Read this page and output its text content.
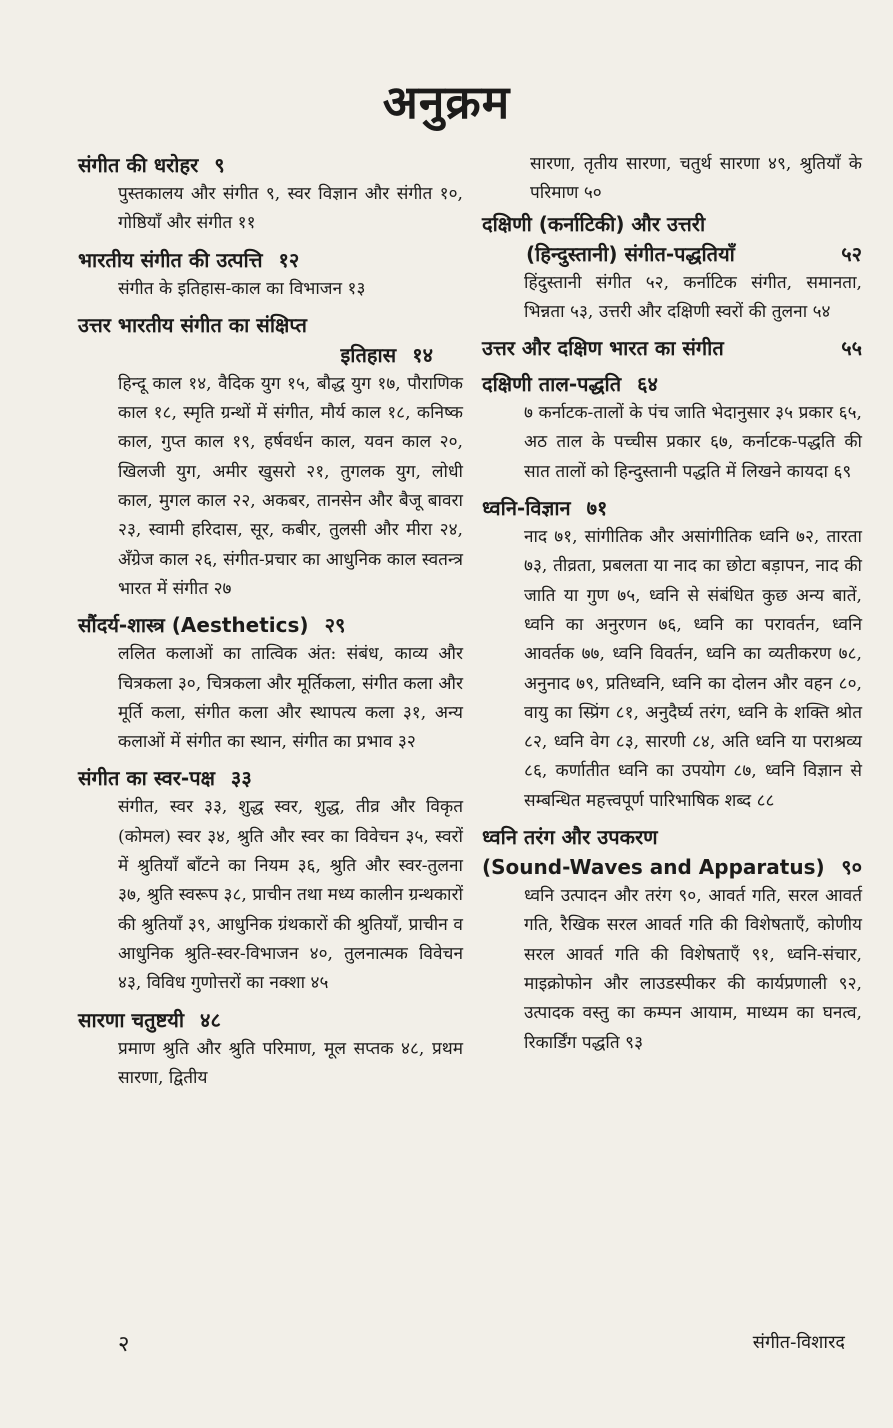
अनुक्रम
संगीत की धरोहर ९
पुस्तकालय और संगीत ९, स्वर विज्ञान और संगीत १०, गोष्ठियाँ और संगीत ११
भारतीय संगीत की उत्पत्ति १२
संगीत के इतिहास-काल का विभाजन १३
उत्तर भारतीय संगीत का संक्षिप्त
इतिहास १४
हिन्दू काल १४, वैदिक युग १५, बौद्ध युग १७, पौराणिक काल १८, स्मृति ग्रन्थों में संगीत, मौर्य काल १८, कनिष्क काल, गुप्त काल १९, हर्षवर्धन काल, यवन काल २०, खिलजी युग, अमीर खुसरो २१, तुगलक युग, लोधी काल, मुगल काल २२, अकबर, तानसेन और बैजू बावरा २३, स्वामी हरिदास, सूर, कबीर, तुलसी और मीरा २४, अँग्रेज काल २६, संगीत-प्रचार का आधुनिक काल स्वतन्त्र भारत में संगीत २७
सौंदर्य-शास्त्र (Aesthetics) २९
ललित कलाओं का तात्विक अंत: संबंध, काव्य और चित्रकला ३०, चित्रकला और मूर्तिकला, संगीत कला और मूर्ति कला, संगीत कला और स्थापत्य कला ३१, अन्य कलाओं में संगीत का स्थान, संगीत का प्रभाव ३२
संगीत का स्वर-पक्ष ३३
संगीत, स्वर ३३, शुद्ध स्वर, शुद्ध, तीव्र और विकृत (कोमल) स्वर ३४, श्रुति और स्वर का विवेचन ३५, स्वरों में श्रुतियाँ बाँटने का नियम ३६, श्रुति और स्वर-तुलना ३७, श्रुति स्वरूप ३८, प्राचीन तथा मध्य कालीन ग्रन्थकारों की श्रुतियाँ ३९, आधुनिक ग्रंथकारों की श्रुतियाँ, प्राचीन व आधुनिक श्रुति-स्वर-विभाजन ४०, तुलनात्मक विवेचन ४३, विविध गुणोत्तरों का नक्शा ४५
सारणा चतुष्टयी ४८
प्रमाण श्रुति और श्रुति परिमाण, मूल सप्तक ४८, प्रथम सारणा, द्वितीय
सारणा, तृतीय सारणा, चतुर्थ सारणा ४९, श्रुतियाँ के परिमाण ५०
दक्षिणी (कर्नाटिकी) और उत्तरी
(हिन्दुस्तानी) संगीत-पद्धतियाँ	५२
हिंदुस्तानी संगीत ५२, कर्नाटिक संगीत, समानता, भिन्नता ५३, उत्तरी और दक्षिणी स्वरों की तुलना ५४
उत्तर और दक्षिण भारत का संगीत	५५
दक्षिणी ताल-पद्धति ६४
७ कर्नाटक-तालों के पंच जाति भेदानुसार ३५ प्रकार ६५, अठ ताल के पच्चीस प्रकार ६७, कर्नाटक-पद्धति की सात तालों को हिन्दुस्तानी पद्धति में लिखने कायदा ६९
ध्वनि-विज्ञान ७१
नाद ७१, सांगीतिक और असांगीतिक ध्वनि ७२, तारता ७३, तीव्रता, प्रबलता या नाद का छोटा बड़ापन, नाद की जाति या गुण ७५, ध्वनि से संबंधित कुछ अन्य बातें, ध्वनि का अनुरणन ७६, ध्वनि का परावर्तन, ध्वनि आवर्तक ७७, ध्वनि विवर्तन, ध्वनि का व्यतीकरण ७८, अनुनाद ७९, प्रतिध्वनि, ध्वनि का दोलन और वहन ८०, वायु का स्प्रिंग ८१, अनुदैर्घ्य तरंग, ध्वनि के शक्ति श्रोत ८२, ध्वनि वेग ८३, सारणी ८४, अति ध्वनि या पराश्रव्य ८६, कर्णातीत ध्वनि का उपयोग ८७, ध्वनि विज्ञान से सम्बन्धित महत्त्वपूर्ण पारिभाषिक शब्द ८८
ध्वनि तरंग और उपकरण
(Sound-Waves and Apparatus) ९०
ध्वनि उत्पादन और तरंग ९०, आवर्त गति, सरल आवर्त गति, रैखिक सरल आवर्त गति की विशेषताएँ, कोणीय सरल आवर्त गति की विशेषताएँ ९१, ध्वनि-संचार, माइक्रोफोन और लाउडस्पीकर की कार्यप्रणाली ९२, उत्पादक वस्तु का कम्पन आयाम, माध्यम का घनत्व, रिकार्डिंग पद्धति ९३
२	संगीत-विशारद
